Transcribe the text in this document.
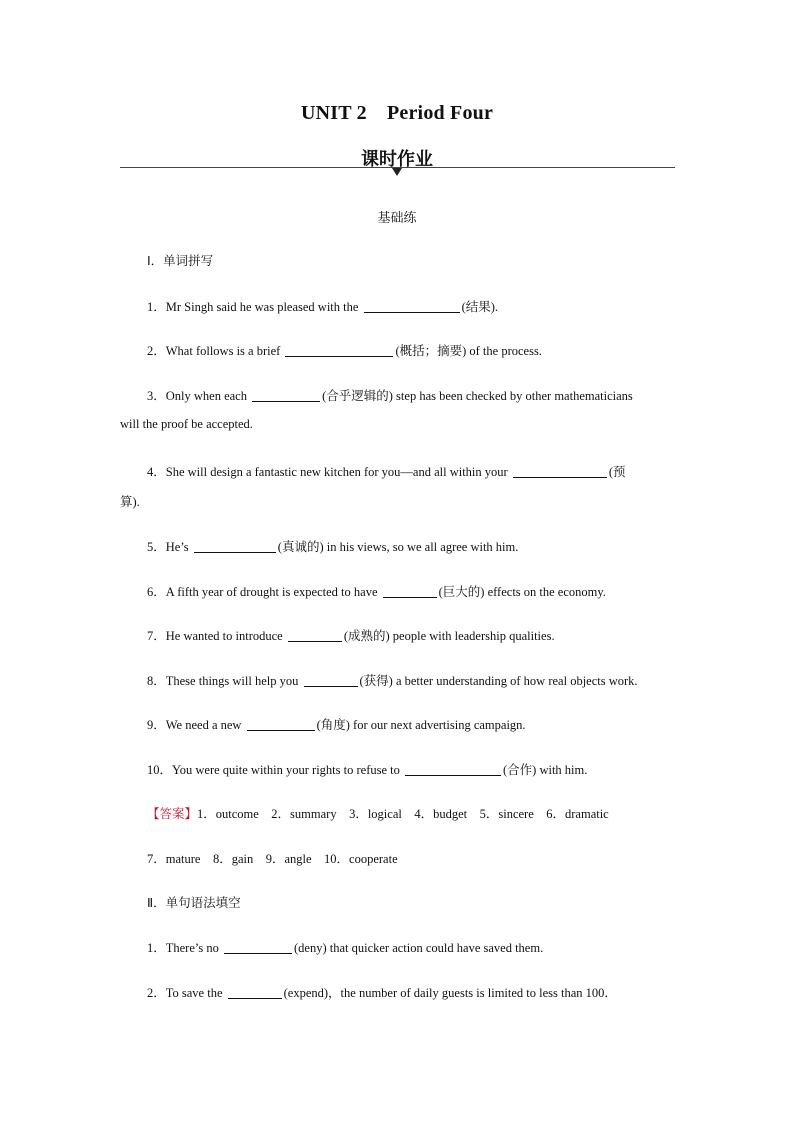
UNIT 2　Period Four
课时作业
基础练
Ⅰ．单词拼写
1．Mr Singh said he was pleased with the	(结果).
2．What follows is a brief	(概括；摘要) of the process.
3．Only when each	(合乎逻辑的) step has been checked by other mathematicians
will the proof be accepted.
4．She will design a fantastic new kitchen for you—and all within your	(预
算).
5．He’s	(真诚的) in his views, so we all agree with him.
6．A fifth year of drought is expected to have	(巨大的) effects on the economy.
7．He wanted to introduce	(成熟的) people with leadership qualities.
8．These things will help you	(获得) a better understanding of how real objects work.
9．We need a new	(角度) for our next advertising campaign.
10．You were quite within your rights to refuse to	(合作) with him.
【答案】1．outcome　2．summary　3．logical　4．budget　5．sincere　6．dramatic
7．mature　8．gain　9．angle　10．cooperate
Ⅱ．单句语法填空
1．There’s no	(deny) that quicker action could have saved them.
2．To save the	(expend)，the number of daily guests is limited to less than 100．
